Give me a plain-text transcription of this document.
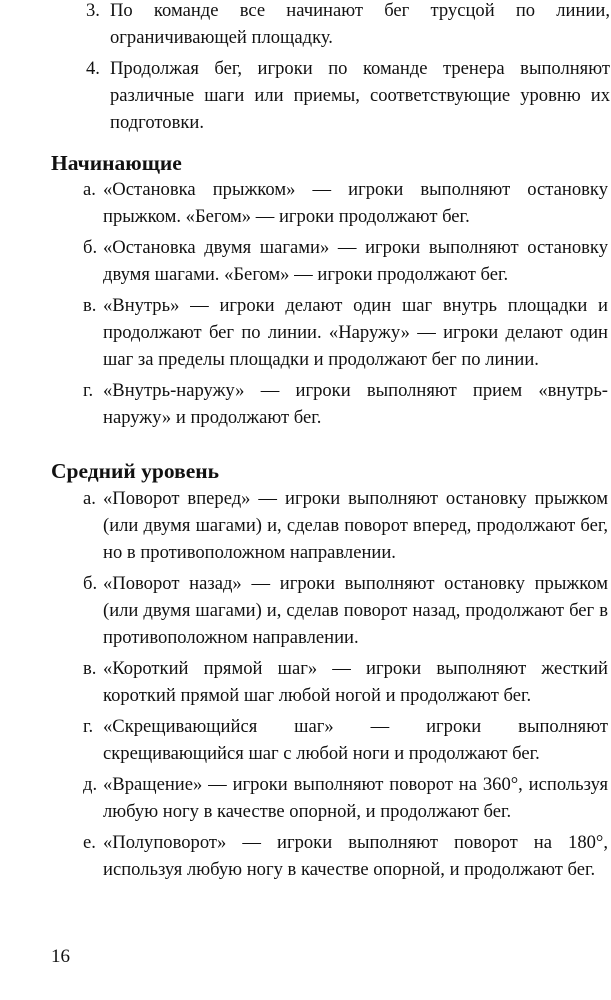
3. По команде все начинают бег трусцой по линии, ограничивающей площадку.
4. Продолжая бег, игроки по команде тренера выполняют различные шаги или приемы, соответствующие уровню их подготовки.
Начинающие
а. «Остановка прыжком» — игроки выполняют остановку прыжком. «Бегом» — игроки продолжают бег.
б. «Остановка двумя шагами» — игроки выполняют остановку двумя шагами. «Бегом» — игроки продолжают бег.
в. «Внутрь» — игроки делают один шаг внутрь площадки и продолжают бег по линии. «Наружу» — игроки делают один шаг за пределы площадки и продолжают бег по линии.
г. «Внутрь-наружу» — игроки выполняют прием «внутрь-наружу» и продолжают бег.
Средний уровень
а. «Поворот вперед» — игроки выполняют остановку прыжком (или двумя шагами) и, сделав поворот вперед, продолжают бег, но в противоположном направлении.
б. «Поворот назад» — игроки выполняют остановку прыжком (или двумя шагами) и, сделав поворот назад, продолжают бег в противоположном направлении.
в. «Короткий прямой шаг» — игроки выполняют жесткий короткий прямой шаг любой ногой и продолжают бег.
г. «Скрещивающийся шаг» — игроки выполняют скрещивающийся шаг с любой ноги и продолжают бег.
д. «Вращение» — игроки выполняют поворот на 360°, используя любую ногу в качестве опорной, и продолжают бег.
е. «Полуповорот» — игроки выполняют поворот на 180°, используя любую ногу в качестве опорной, и продолжают бег.
16
